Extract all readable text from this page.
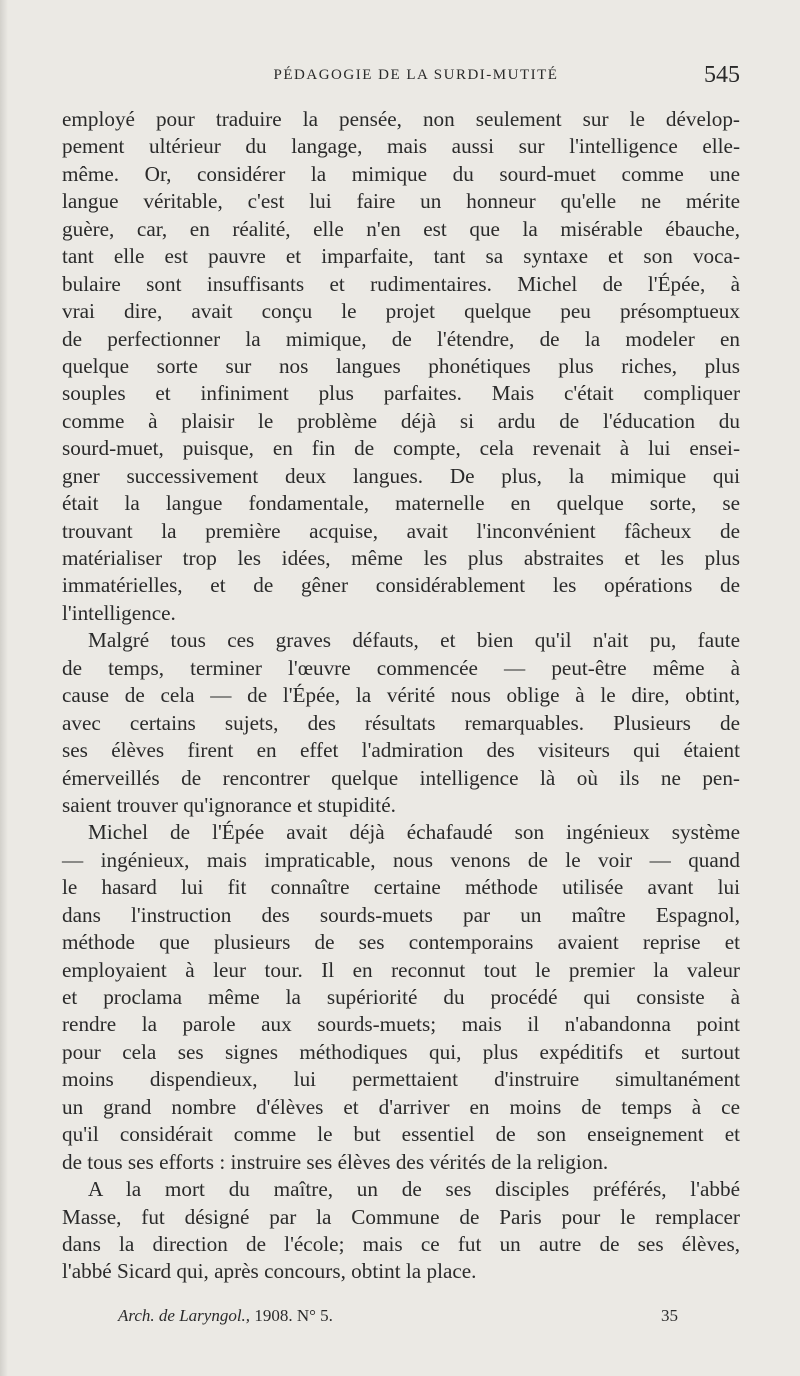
PÉDAGOGIE DE LA SURDI-MUTITÉ	545
employé pour traduire la pensée, non seulement sur le dévelop-
pement ultérieur du langage, mais aussi sur l'intelligence elle-
même. Or, considérer la mimique du sourd-muet comme une
langue véritable, c'est lui faire un honneur qu'elle ne mérite
guère, car, en réalité, elle n'en est que la misérable ébauche,
tant elle est pauvre et imparfaite, tant sa syntaxe et son voca-
bulaire sont insuffisants et rudimentaires. Michel de l'Épée, à
vrai dire, avait conçu le projet quelque peu présomptueux
de perfectionner la mimique, de l'étendre, de la modeler en
quelque sorte sur nos langues phonétiques plus riches, plus
souples et infiniment plus parfaites. Mais c'était compliquer
comme à plaisir le problème déjà si ardu de l'éducation du
sourd-muet, puisque, en fin de compte, cela revenait à lui ensei-
gner successivement deux langues. De plus, la mimique qui
était la langue fondamentale, maternelle en quelque sorte, se
trouvant la première acquise, avait l'inconvénient fâcheux de
matérialiser trop les idées, même les plus abstraites et les plus
immatérielles, et de gêner considérablement les opérations de
l'intelligence.
Malgré tous ces graves défauts, et bien qu'il n'ait pu, faute
de temps, terminer l'œuvre commencée — peut-être même à
cause de cela — de l'Épée, la vérité nous oblige à le dire, obtint,
avec certains sujets, des résultats remarquables. Plusieurs de
ses élèves firent en effet l'admiration des visiteurs qui étaient
émerveillés de rencontrer quelque intelligence là où ils ne pen-
saient trouver qu'ignorance et stupidité.
Michel de l'Épée avait déjà échafaudé son ingénieux système
— ingénieux, mais impraticable, nous venons de le voir — quand
le hasard lui fit connaître certaine méthode utilisée avant lui
dans l'instruction des sourds-muets par un maître Espagnol,
méthode que plusieurs de ses contemporains avaient reprise et
employaient à leur tour. Il en reconnut tout le premier la valeur
et proclama même la supériorité du procédé qui consiste à
rendre la parole aux sourds-muets; mais il n'abandonna point
pour cela ses signes méthodiques qui, plus expéditifs et surtout
moins dispendieux, lui permettaient d'instruire simultanément
un grand nombre d'élèves et d'arriver en moins de temps à ce
qu'il considérait comme le but essentiel de son enseignement et
de tous ses efforts : instruire ses élèves des vérités de la religion.
A la mort du maître, un de ses disciples préférés, l'abbé
Masse, fut désigné par la Commune de Paris pour le remplacer
dans la direction de l'école; mais ce fut un autre de ses élèves,
l'abbé Sicard qui, après concours, obtint la place.
Arch. de Laryngol., 1908. N° 5.	35
